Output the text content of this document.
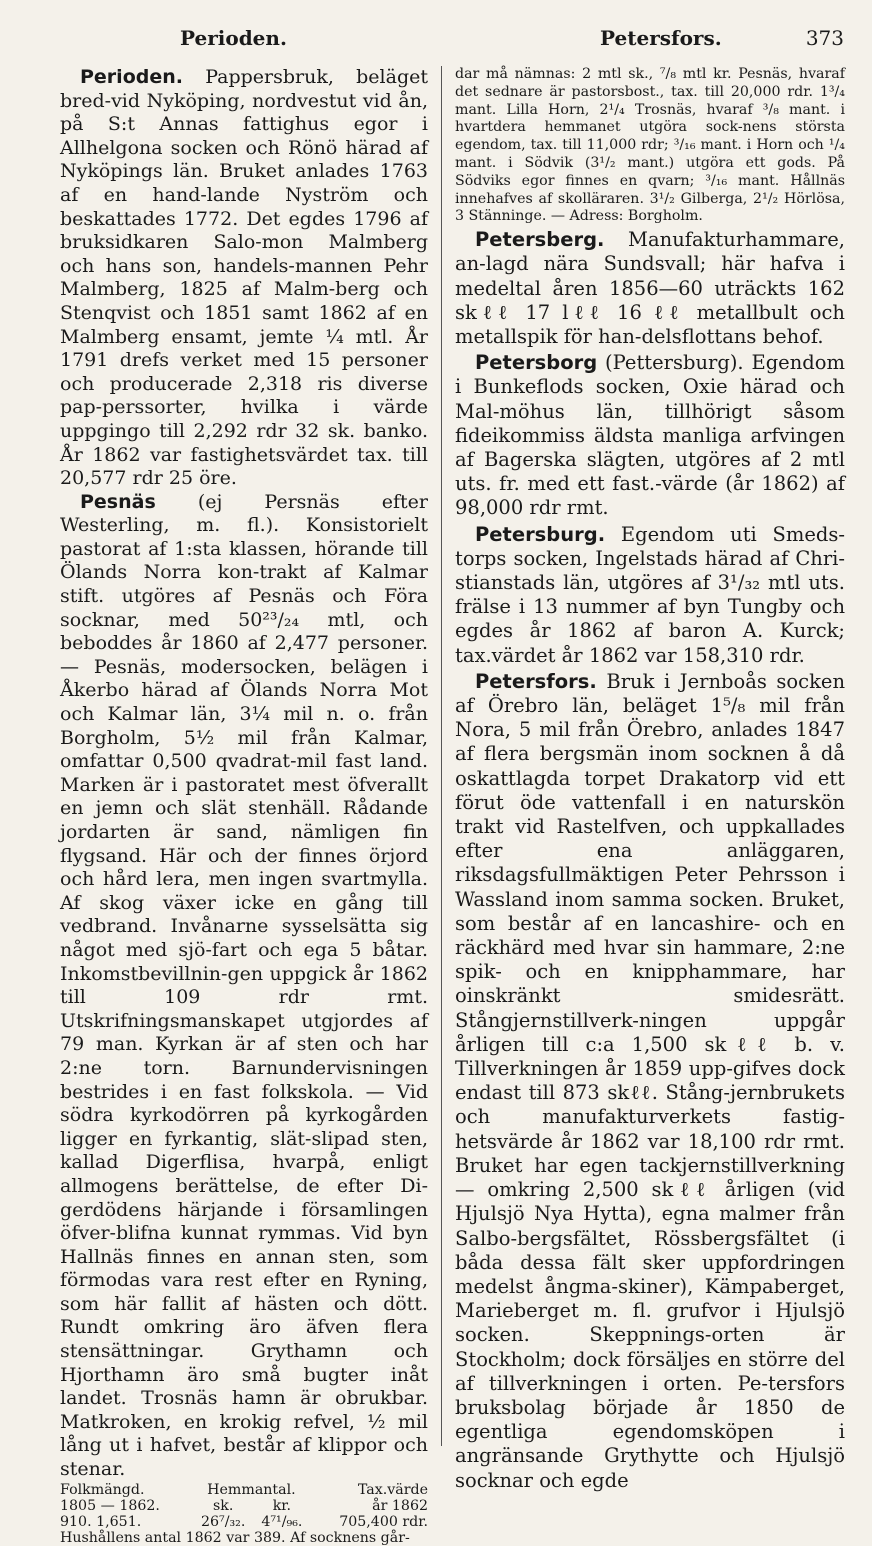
Perioden.	Petersfors.	373

Perioden. Pappersbruk, beläget bred-vid Nyköping, nordvestut vid ån, på S:t Annas fattighus egor i Allhelgona socken och Rönö härad af Nyköpings län. Bruket anlades 1763 af en hand-lande Nyström och beskattades 1772. Det egdes 1796 af bruksidkaren Salo-mon Malmberg och hans son, handels-mannen Pehr Malmberg, 1825 af Malm-berg och Stenqvist och 1851 samt 1862 af en Malmberg ensamt, jemte ¼ mtl. År 1791 drefs verket med 15 personer och producerade 2,318 ris diverse pap-perssorter, hvilka i värde uppgingo till 2,292 rdr 32 sk. banko. År 1862 var fastighetsvärdet tax. till 20,577 rdr 25 öre.

Pesnäs (ej Persnäs efter Westerling, m. fl.). Konsistorielt pastorat af 1:sta klassen, hörande till Ölands Norra kon-trakt af Kalmar stift. utgöres af Pesnäs och Föra socknar, med 50²³/₂₄ mtl, och beboddes år 1860 af 2,477 personer. — Pesnäs, modersocken, belägen i Åkerbo härad af Ölands Norra Mot och Kalmar län, 3¼ mil n. o. från Borgholm, 5½ mil från Kalmar, omfattar 0,500 qvadrat-mil fast land. Marken är i pastoratet mest öfverallt en jemn och slät stenhäll. Rådande jordarten är sand, nämligen fin flygsand. Här och der finnes örjord och hård lera, men ingen svartmylla. Af skog växer icke en gång till vedbrand. Invånarne sysselsätta sig något med sjö-fart och ega 5 båtar. Inkomstbevillnin-gen uppgick år 1862 till 109 rdr rmt. Utskrifningsmanskapet utgjordes af 79 man. Kyrkan är af sten och har 2:ne torn. Barnundervisningen bestrides i en fast folkskola. — Vid södra kyrkodörren på kyrkogården ligger en fyrkantig, slät-slipad sten, kallad Digerflisa, hvarpå, enligt allmogens berättelse, de efter Di-gerdödens härjande i församlingen öfver-blifna kunnat rymmas. Vid byn Hallnäs finnes en annan sten, som förmodas vara rest efter en Ryning, som här fallit af hästen och dött. Rundt omkring äro äfven flera stensättningar. Grythamn och Hjorthamn äro små bugter inåt landet. Trosnäs hamn är obrukbar. Matkroken, en krokig refvel, ½ mil lång ut i hafvet, består af klippor och stenar.

Folkmängd.	Hemmantal.		Tax.värde
1805 — 1862.	sk.	kr.	år 1862
910. 1,651.	26⁷/₃₂.	4⁷¹/₉₆.	705,400 rdr.
Hushållens antal 1862 var 389. Af socknens går-

dar må nämnas: 2 mtl sk., ⁷/₈ mtl kr. Pesnäs, hvaraf det sednare är pastorsbost., tax. till 20,000 rdr. 1³/₄ mant. Lilla Horn, 2¹/₄ Trosnäs, hvaraf ³/₈ mant. i hvartdera hemmanet utgöra sock-nens största egendom, tax. till 11,000 rdr; ³/₁₆ mant. i Horn och ¹/₄ mant. i Södvik (3¹/₂ mant.) utgöra ett gods. På Södviks egor finnes en qvarn; ³/₁₆ mant. Hållnäs innehafves af skolläraren. 3¹/₂ Gilberga, 2¹/₂ Hörlösa, 3 Stänninge. — Adress: Borgholm.

Petersberg. Manufakturhammare, an-lagd nära Sundsvall; här hafva i medeltal åren 1856—60 uträckts 162 skℓℓ 17 lℓℓ 16 ℓℓ metallbult och metallspik för han-delsflottans behof.

Petersborg (Pettersburg). Egendom i Bunkeflods socken, Oxie härad och Mal-möhus län, tillhörigt såsom fideikommiss äldsta manliga arfvingen af Bagerska slägten, utgöres af 2 mtl uts. fr. med ett fast.-värde (år 1862) af 98,000 rdr rmt.

Petersburg. Egendom uti Smeds-torps socken, Ingelstads härad af Chri-stianstads län, utgöres af 3¹/₃₂ mtl uts. frälse i 13 nummer af byn Tungby och egdes år 1862 af baron A. Kurck; tax.värdet år 1862 var 158,310 rdr.

Petersfors. Bruk i Jernboås socken af Örebro län, beläget 1⁵/₈ mil från Nora, 5 mil från Örebro, anlades 1847 af flera bergsmän inom socknen å då oskattlagda torpet Drakatorp vid ett förut öde vattenfall i en naturskön trakt vid Rastelfven, och uppkallades efter ena anläggaren, riksdagsfullmäktigen Peter Pehrsson i Wassland inom samma socken. Bruket, som består af en lancashire- och en räckhärd med hvar sin hammare, 2:ne spik- och en knipphammare, har oinskränkt smidesrätt. Stångjernstillverk-ningen uppgår årligen till c:a 1,500 skℓℓ b. v. Tillverkningen år 1859 upp-gifves dock endast till 873 skℓℓ. Stång-jernbrukets och manufakturverkets fastig-hetsvärde år 1862 var 18,100 rdr rmt. Bruket har egen tackjernstillverkning — omkring 2,500 skℓℓ årligen (vid Hjulsjö Nya Hytta), egna malmer från Salbo-bergsfältet, Rössbergsfältet (i båda dessa fält sker uppfordringen medelst ångma-skiner), Kämpaberget, Marieberget m. fl. grufvor i Hjulsjö socken. Skeppnings-orten är Stockholm; dock försäljes en större del af tillverkningen i orten. Pe-tersfors bruksbolag började år 1850 de egentliga egendomsköpen i angränsande Grythytte och Hjulsjö socknar och egde
